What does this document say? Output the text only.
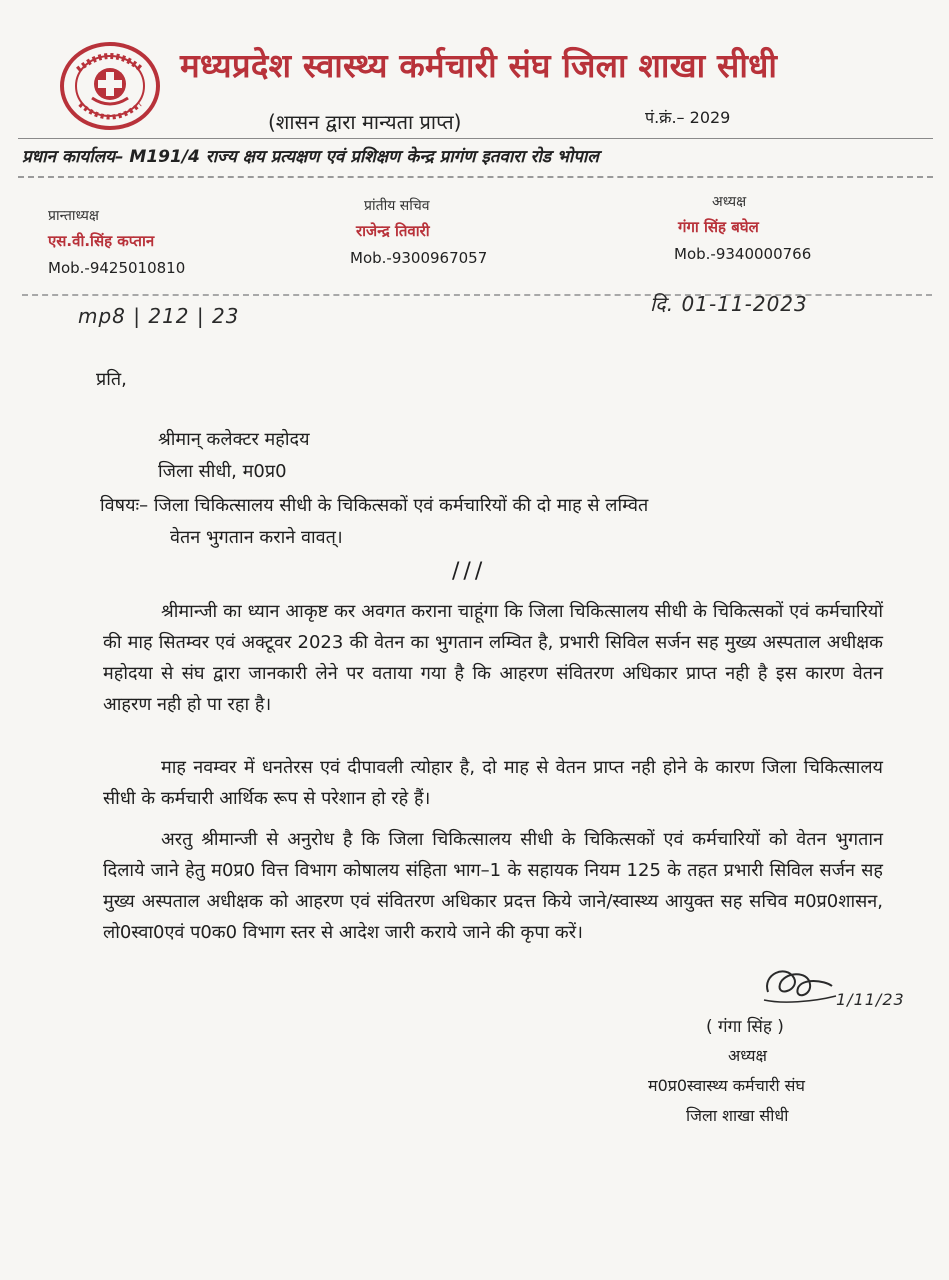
मध्यप्रदेश स्वास्थ्य कर्मचारी संघ जिला शाखा सीधी
(शासन द्वारा मान्यता प्राप्त)	पं.क्रं.– 2029
प्रधान कार्यालय– M191/4 राज्य क्षय प्रत्यक्षण एवं प्रशिक्षण केन्द्र प्रागंण इतवारा रोड भोपाल
प्रान्ताध्यक्ष
एस.वी.सिंह कप्तान
Mob.-9425010810
प्रांतीय सचिव
राजेन्द्र तिवारी
Mob.-9300967057
अध्यक्ष
गंगा सिंह बघेल
Mob.-9340000766
mp8 | 212 | 23	दि. 01-11-2023
प्रति,
श्रीमान् कलेक्टर महोदय
जिला सीधी, म0प्र0
विषयः– जिला चिकित्सालय सीधी के चिकित्सकों एवं कर्मचारियों की दो माह से लम्वित
वेतन भुगतान कराने वावत्।
///
श्रीमान्जी का ध्यान आकृष्ट कर अवगत कराना चाहूंगा कि जिला चिकित्सालय सीधी के चिकित्सकों एवं कर्मचारियों की माह सितम्वर एवं अक्टूवर 2023 की वेतन का भुगतान लम्वित है, प्रभारी सिविल सर्जन सह मुख्य अस्पताल अधीक्षक महोदया से संघ द्वारा जानकारी लेने पर वताया गया है कि आहरण संवितरण अधिकार प्राप्त नही है इस कारण वेतन आहरण नही हो पा रहा है।
माह नवम्वर में धनतेरस एवं दीपावली त्योहार है, दो माह से वेतन प्राप्त नही होने के कारण जिला चिकित्सालय सीधी के कर्मचारी आर्थिक रूप से परेशान हो रहे हैं।
अरतु श्रीमान्जी से अनुरोध है कि जिला चिकित्सालय सीधी के चिकित्सकों एवं कर्मचारियों को वेतन भुगतान दिलाये जाने हेतु म0प्र0 वित्त विभाग कोषालय संहिता भाग–1 के सहायक नियम 125 के तहत प्रभारी सिविल सर्जन सह मुख्य अस्पताल अधीक्षक को आहरण एवं संवितरण अधिकार प्रदत्त किये जाने/स्वास्थ्य आयुक्त सह सचिव म0प्र0शासन, लो0स्वा0एवं प0क0 विभाग स्तर से आदेश जारी कराये जाने की कृपा करें।
1/11/23
( गंगा सिंह )
अध्यक्ष
म0प्र0स्वास्थ्य कर्मचारी संघ
जिला शाखा सीधी
